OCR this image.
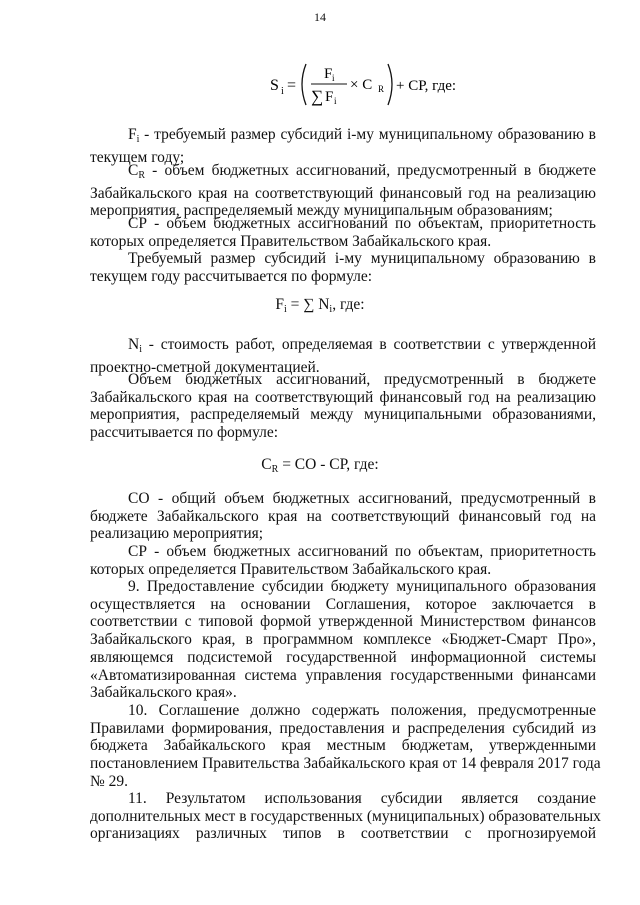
14
S i =
F i
∑ F i
× C R + СР, где:
$F_i$ - требуемый размер субсидий i-му муниципальному образованию в
текущем году;
$С_R$ - объем бюджетных ассигнований, предусмотренный в бюджете
Забайкальского края на соответствующий финансовый год на реализацию
мероприятия, распределяемый между муниципальным образованиям;
СР - объем бюджетных ассигнований по объектам, приоритетность
которых определяется Правительством Забайкальского края.
Требуемый размер субсидий i-му муниципальному образованию в
текущем году рассчитывается по формуле:
$F_i$ = ∑ $N_i$, где:
$N_i$ - стоимость работ, определяемая в соответствии с утвержденной
проектно-сметной документацией.
Объем бюджетных ассигнований, предусмотренный в бюджете
Забайкальского края на соответствующий финансовый год на реализацию
мероприятия, распределяемый между муниципальными образованиями,
рассчитывается по формуле:
$С_R$ = СО - СР, где:
СО - общий объем бюджетных ассигнований, предусмотренный в
бюджете Забайкальского края на соответствующий финансовый год на
реализацию мероприятия;
СР - объем бюджетных ассигнований по объектам, приоритетность
которых определяется Правительством Забайкальского края.
9. Предоставление субсидии бюджету муниципального образования
осуществляется на основании Соглашения, которое заключается в
соответствии с типовой формой утвержденной Министерством финансов
Забайкальского края, в программном комплексе «Бюджет-Смарт Про»,
являющемся подсистемой государственной информационной системы
«Автоматизированная система управления государственными финансами
Забайкальского края».
10. Соглашение должно содержать положения, предусмотренные
Правилами формирования, предоставления и распределения субсидий из
бюджета Забайкальского края местным бюджетам, утвержденными
постановлением Правительства Забайкальского края от 14 февраля 2017 года
№ 29.
11. Результатом использования субсидии является создание
дополнительных мест в государственных (муниципальных) образовательных
организациях различных типов в соответствии с прогнозируемой
